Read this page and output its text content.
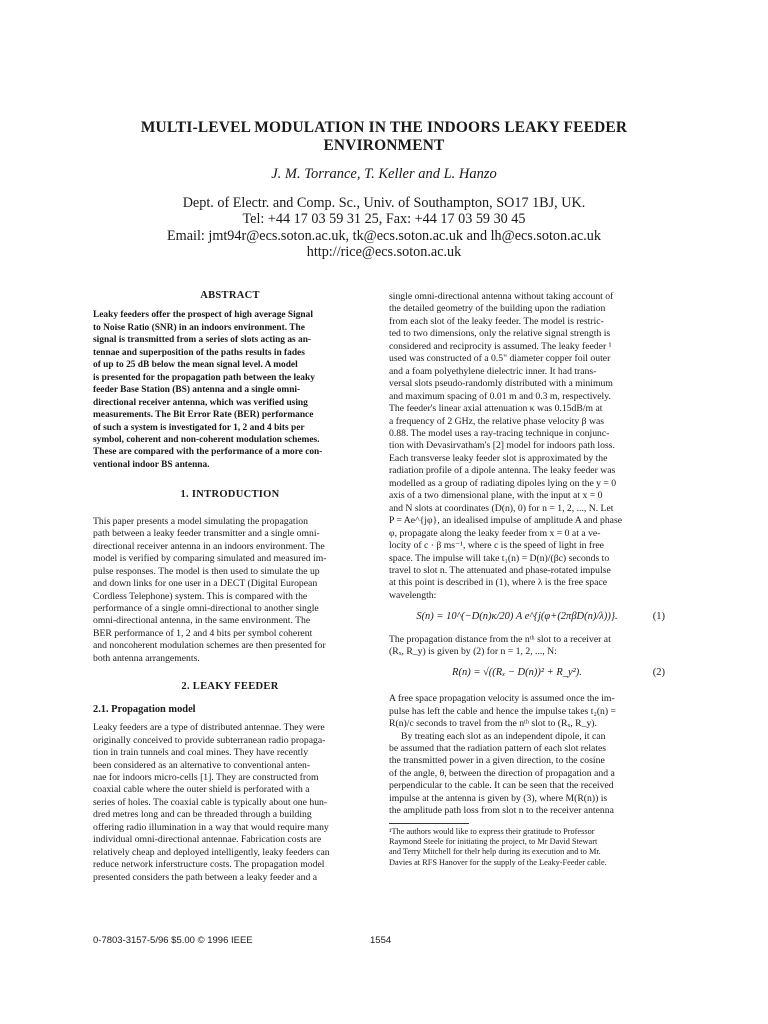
MULTI-LEVEL MODULATION IN THE INDOORS LEAKY FEEDER
ENVIRONMENT
J. M. Torrance, T. Keller and L. Hanzo
Dept. of Electr. and Comp. Sc., Univ. of Southampton, SO17 1BJ, UK.
Tel: +44 17 03 59 31 25, Fax: +44 17 03 59 30 45
Email: jmt94r@ecs.soton.ac.uk, tk@ecs.soton.ac.uk and lh@ecs.soton.ac.uk
http://rice@ecs.soton.ac.uk

ABSTRACT

Leaky feeders offer the prospect of high average Signal
to Noise Ratio (SNR) in an indoors environment. The
signal is transmitted from a series of slots acting as an-
tennae and superposition of the paths results in fades
of up to 25 dB below the mean signal level. A model
is presented for the propagation path between the leaky
feeder Base Station (BS) antenna and a single omni-
directional receiver antenna, which was verified using
measurements. The Bit Error Rate (BER) performance
of such a system is investigated for 1, 2 and 4 bits per
symbol, coherent and non-coherent modulation schemes.
These are compared with the performance of a more con-
ventional indoor BS antenna.

1. INTRODUCTION

This paper presents a model simulating the propagation
path between a leaky feeder transmitter and a single omni-
directional receiver antenna in an indoors environment. The
model is verified by comparing simulated and measured im-
pulse responses. The model is then used to simulate the up
and down links for one user in a DECT (Digital European
Cordless Telephone) system. This is compared with the
performance of a single omni-directional to another single
omni-directional antenna, in the same environment. The
BER performance of 1, 2 and 4 bits per symbol coherent
and noncoherent modulation schemes are then presented for
both antenna arrangements.

2. LEAKY FEEDER

2.1. Propagation model

Leaky feeders are a type of distributed antennae. They were
originally conceived to provide subterranean radio propaga-
tion in train tunnels and coal mines. They have recently
been considered as an alternative to conventional anten-
nae for indoors micro-cells [1]. They are constructed from
coaxial cable where the outer shield is perforated with a
series of holes. The coaxial cable is typically about one hun-
dred metres long and can be threaded through a building
offering radio illumination in a way that would require many
individual omni-directional antennae. Fabrication costs are
relatively cheap and deployed intelligently, leaky feeders can
reduce network inferstructure costs. The propagation model
presented considers the path between a leaky feeder and a
single omni-directional antenna without taking account of
the detailed geometry of the building upon the radiation
from each slot of the leaky feeder. The model is restric-
ted to two dimensions, only the relative signal strength is
considered and reciprocity is assumed. The leaky feeder ¹
used was constructed of a 0.5" diameter copper foil outer
and a foam polyethylene dielectric inner. It had trans-
versal slots pseudo-randomly distributed with a minimum
and maximum spacing of 0.01 m and 0.3 m, respectively.
The feeder's linear axial attenuation κ was 0.15dB/m at
a frequency of 2 GHz, the relative phase velocity β was
0.88. The model uses a ray-tracing technique in conjunc-
tion with Devasirvatham's [2] model for indoors path loss.
Each transverse leaky feeder slot is approximated by the
radiation profile of a dipole antenna. The leaky feeder was
modelled as a group of radiating dipoles lying on the y = 0
axis of a two dimensional plane, with the input at x = 0
and N slots at coordinates (D(n), 0) for n = 1, 2, ..., N. Let
P = Ae^{jφ}, an idealised impulse of amplitude A and phase
φ, propagate along the leaky feeder from x = 0 at a ve-
locity of c · β ms⁻¹, where c is the speed of light in free
space. The impulse will take t₁(n) = D(n)/(βc) seconds to
travel to slot n. The attenuated and phase-rotated impulse
at this point is described in (1), where λ is the free space
wavelength:
S(n) = 10^(−D(n)κ/20) A e^{j(φ+(2πβD(n)/λ))}.	(1)
The propagation distance from the nᵗʰ slot to a receiver at
(Rₓ, R_y) is given by (2) for n = 1, 2, ..., N:
R(n) = √((Rₓ − D(n))² + R_y²).	(2)
A free space propagation velocity is assumed once the im-
pulse has left the cable and hence the impulse takes t₂(n) =
R(n)/c seconds to travel from the nᵗʰ slot to (Rₓ, R_y).
By treating each slot as an independent dipole, it can
be assumed that the radiation pattern of each slot relates
the transmitted power in a given direction, to the cosine
of the angle, θ, between the direction of propagation and a
perpendicular to the cable. It can be seen that the received
impulse at the antenna is given by (3), where M(R(n)) is
the amplitude path loss from slot n to the receiver antenna
¹The authors would like to express their gratitude to Professor
Raymond Steele for initiating the project, to Mr David Stewart
and Terry Mitchell for thelr help during its execution and to Mr.
Davies at RFS Hanover for the supply of the Leaky-Feeder cable.
0-7803-3157-5/96 $5.00 © 1996 IEEE	1554
